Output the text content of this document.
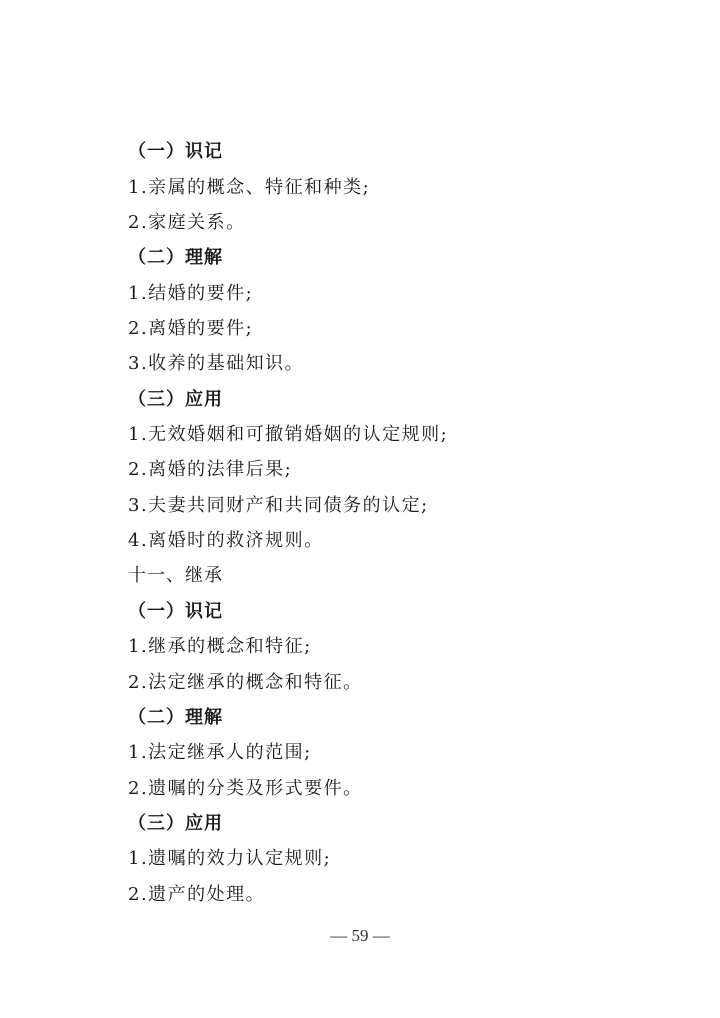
（一）识记
1.亲属的概念、特征和种类;
2.家庭关系。
（二）理解
1.结婚的要件;
2.离婚的要件;
3.收养的基础知识。
（三）应用
1.无效婚姻和可撤销婚姻的认定规则;
2.离婚的法律后果;
3.夫妻共同财产和共同债务的认定;
4.离婚时的救济规则。
十一、继承
（一）识记
1.继承的概念和特征;
2.法定继承的概念和特征。
（二）理解
1.法定继承人的范围;
2.遗嘱的分类及形式要件。
（三）应用
1.遗嘱的效力认定规则;
2.遗产的处理。
— 59 —
